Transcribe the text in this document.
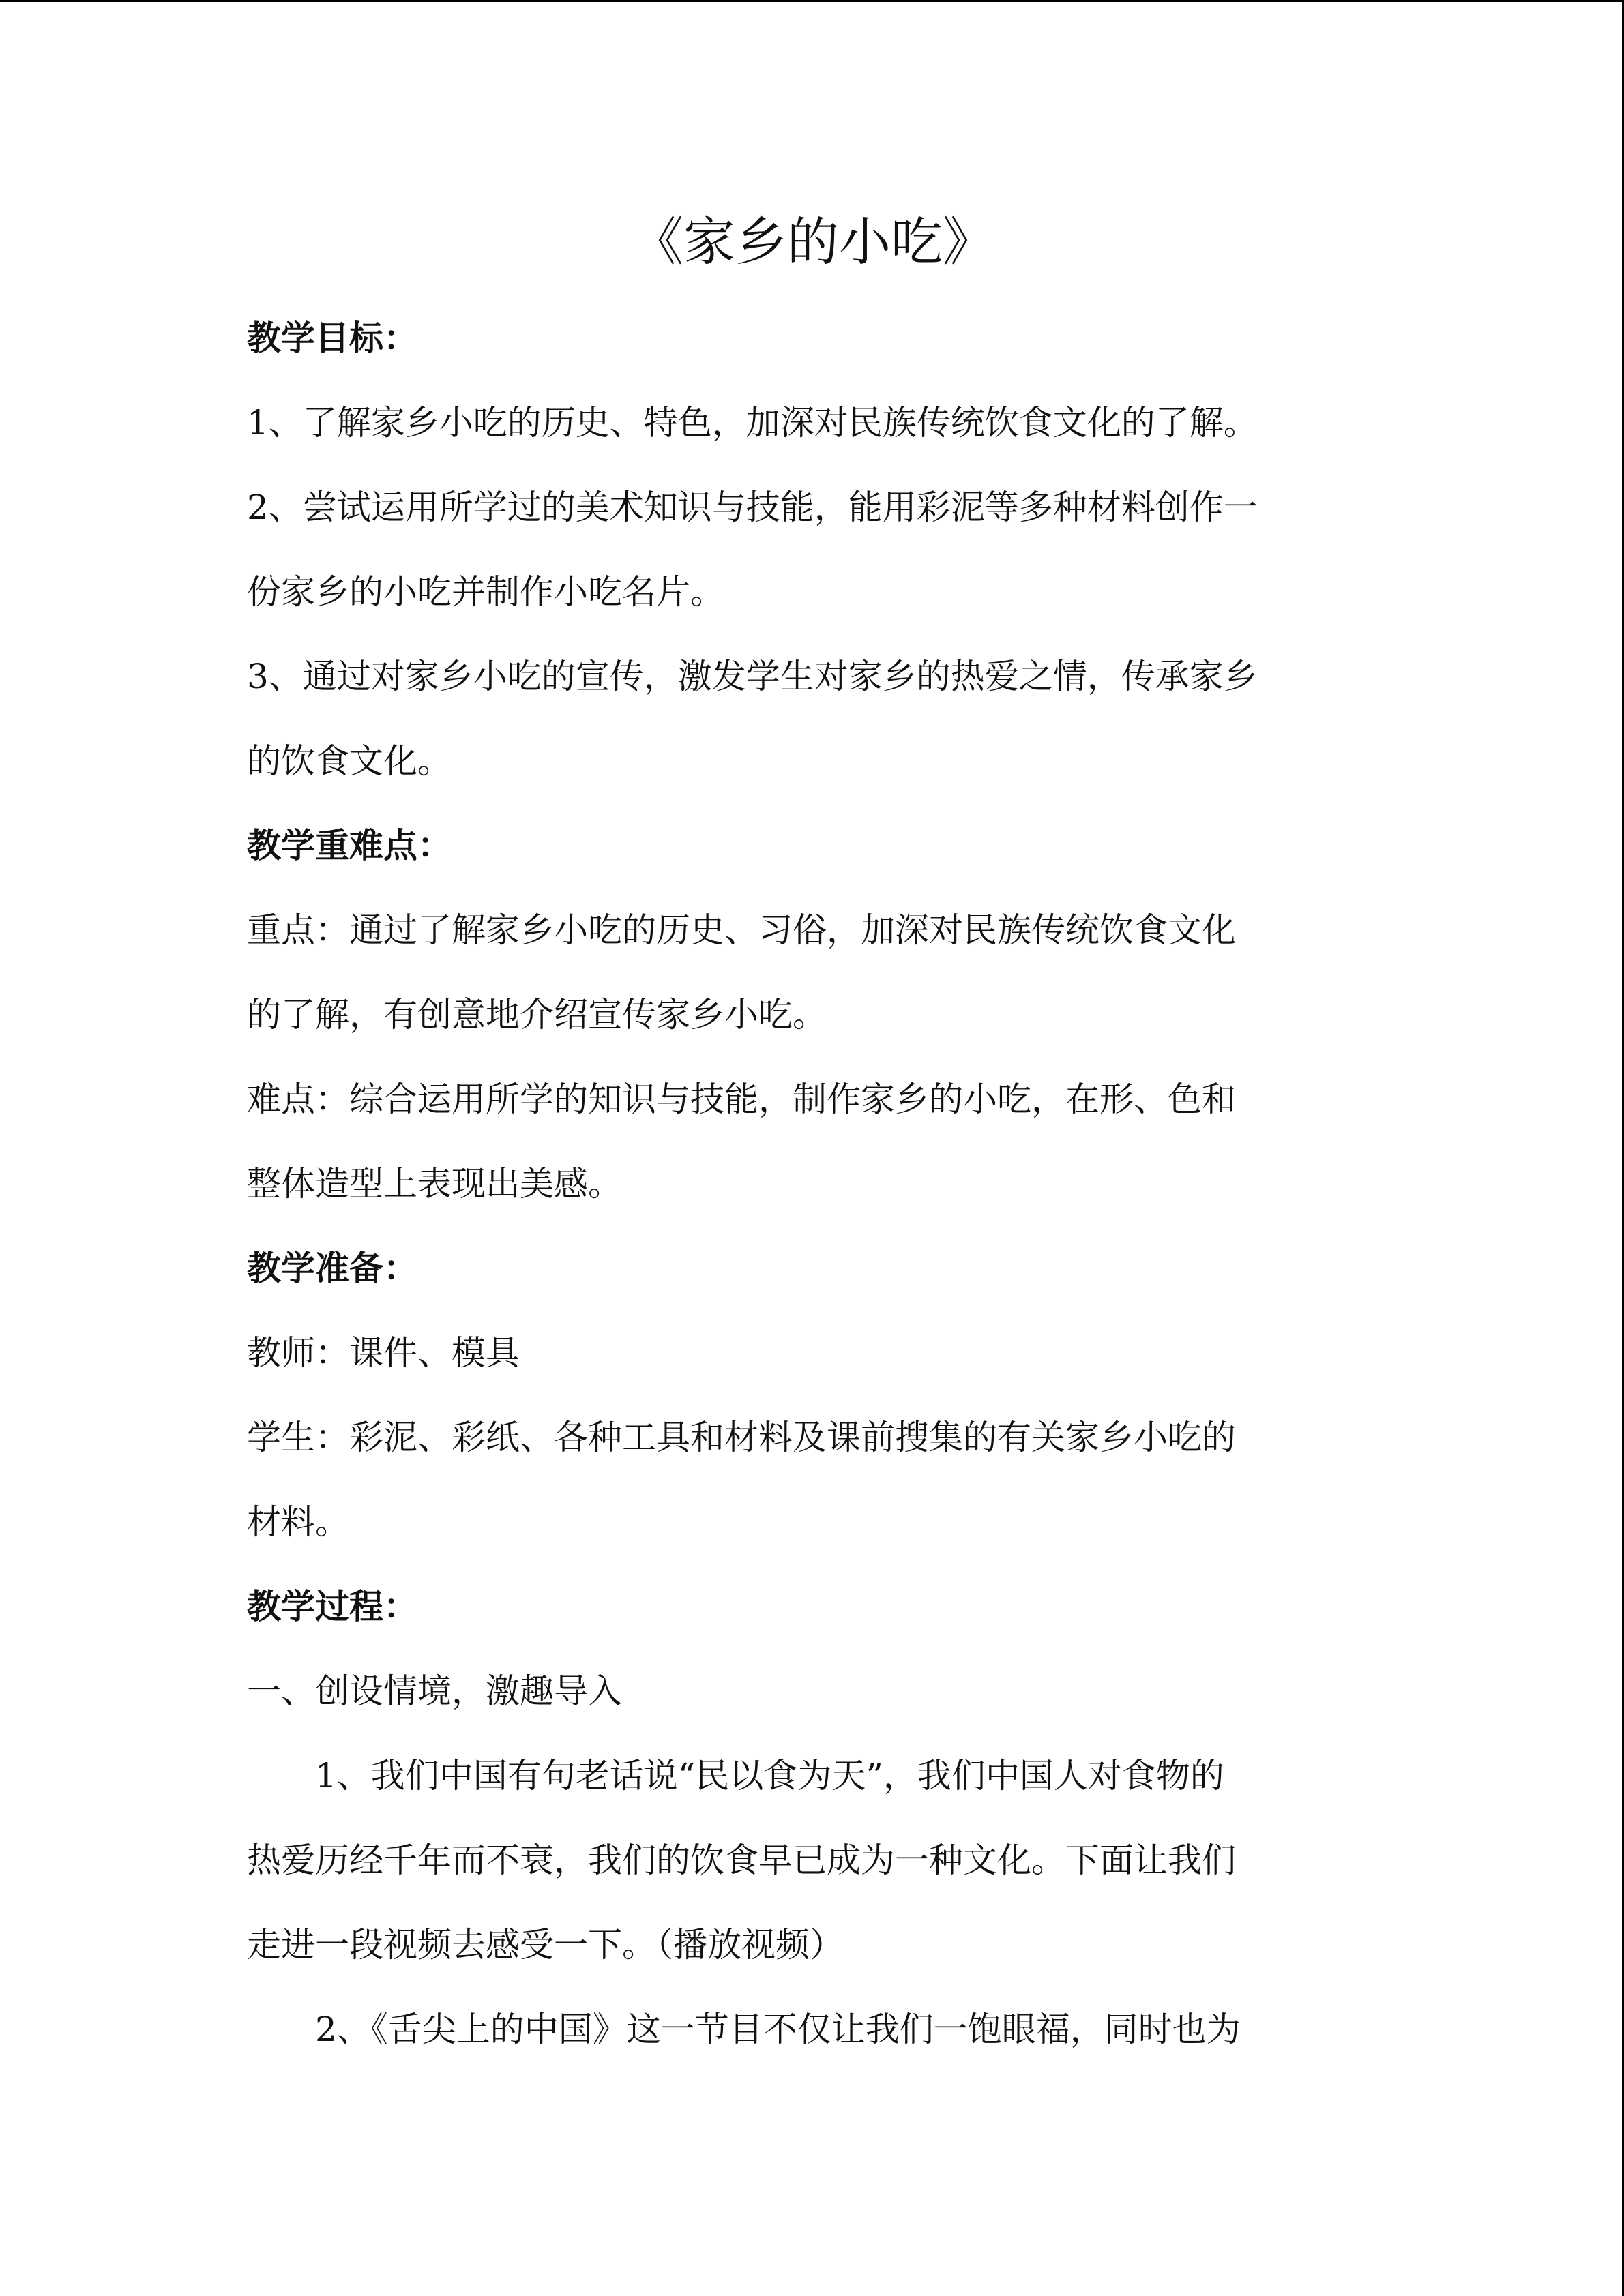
《家乡的小吃》

教学目标：

1、了解家乡小吃的历史、特色，加深对民族传统饮食文化的了解。

2、尝试运用所学过的美术知识与技能，能用彩泥等多种材料创作一

份家乡的小吃并制作小吃名片。

3、通过对家乡小吃的宣传，激发学生对家乡的热爱之情，传承家乡

的饮食文化。

教学重难点：

重点：通过了解家乡小吃的历史、习俗，加深对民族传统饮食文化

的了解，有创意地介绍宣传家乡小吃。

难点：综合运用所学的知识与技能，制作家乡的小吃，在形、色和

整体造型上表现出美感。

教学准备：

教师：课件、模具

学生：彩泥、彩纸、各种工具和材料及课前搜集的有关家乡小吃的

材料。

教学过程：

一、创设情境，激趣导入

1、我们中国有句老话说“民以食为天”，我们中国人对食物的

热爱历经千年而不衰，我们的饮食早已成为一种文化。下面让我们

走进一段视频去感受一下。（播放视频）

2、《舌尖上的中国》这一节目不仅让我们一饱眼福，同时也为
